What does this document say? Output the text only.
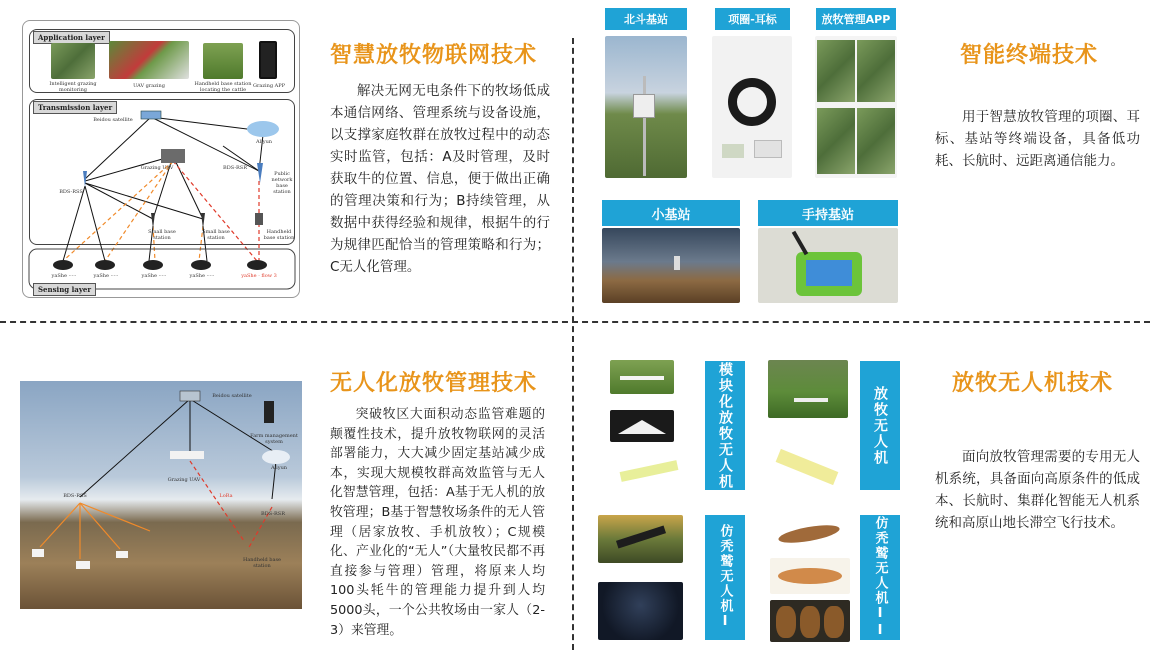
Application layer
Intelligent grazing monitoring
UAV grazing	Handheld base station locating the cattle
Grazing APP
Transmission layer
Beidou satellite
Aliyun
Grazing UAV	BDS-RSR
BDS-RSS
Public network base station
Small base station
Small base station
Handheld base station
yaShe ·····	yaShe ·····	yaShe ·····	yaShe ·····	yaShe · flow 3
Sensing layer
智慧放牧物联网技术
解决无网无电条件下的牧场低成本通信网络、管理系统与设备设施，以支撑家庭牧群在放牧过程中的动态实时监管，包括：A及时管理，及时获取牛的位置、信息，便于做出正确的管理决策和行为；B持续管理，从数据中获得经验和规律，根据牛的行为规律匹配恰当的管理策略和行为；C无人化管理。
北斗基站	项圈-耳标	放牧管理APP
小基站	手持基站
智能终端技术
用于智慧放牧管理的项圈、耳标、基站等终端设备，具备低功耗、长航时、远距离通信能力。
Beidou satellite
Farm management system
Aliyun
Grazing UAV
BDS-RSS
BDS-RSR
LoRa
Handheld base station
无人化放牧管理技术
突破牧区大面积动态监管难题的颠覆性技术，提升放牧物联网的灵活部署能力，大大减少固定基站减少成本，实现大规模牧群高效监管与无人化智慧管理，包括：A基于无人机的放牧管理；B基于智慧牧场条件的无人管理（居家放牧、手机放牧）；C规模化、产业化的“无人”（大量牧民都不再直接参与管理）管理，将原来人均100头牦牛的管理能力提升到人均5000头，一个公共牧场由一家人（2-3）来管理。
模块化放牧无人机	放牧无人机
仿秃鹫无人机I	仿秃鹫无人机II
放牧无人机技术
面向放牧管理需要的专用无人机系统，具备面向高原条件的低成本、长航时、集群化智能无人机系统和高原山地长滞空飞行技术。
